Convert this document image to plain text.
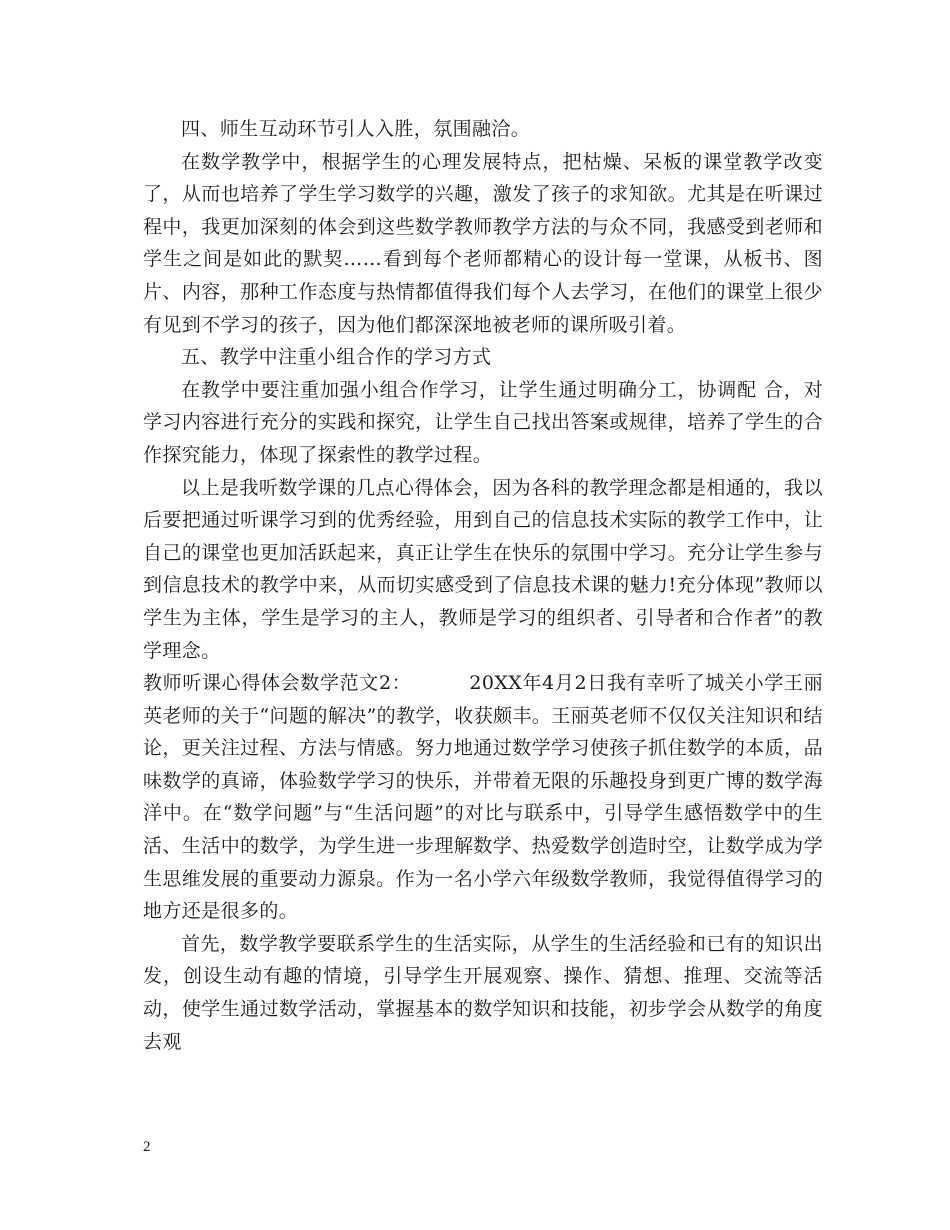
四、师生互动环节引人入胜，氛围融洽。

在数学教学中，根据学生的心理发展特点，把枯燥、呆板的课堂教学改变了，从而也培养了学生学习数学的兴趣，激发了孩子的求知欲。尤其是在听课过程中，我更加深刻的体会到这些数学教师教学方法的与众不同，我感受到老师和学生之间是如此的默契……看到每个老师都精心的设计每一堂课，从板书、图片、内容，那种工作态度与热情都值得我们每个人去学习，在他们的课堂上很少有见到不学习的孩子，因为他们都深深地被老师的课所吸引着。

五、教学中注重小组合作的学习方式

在教学中要注重加强小组合作学习，让学生通过明确分工，协调配 合，对学习内容进行充分的实践和探究，让学生自己找出答案或规律，培养了学生的合作探究能力，体现了探索性的教学过程。

以上是我听数学课的几点心得体会，因为各科的教学理念都是相通的，我以后要把通过听课学习到的优秀经验，用到自己的信息技术实际的教学工作中，让自己的课堂也更加活跃起来，真正让学生在快乐的氛围中学习。充分让学生参与到信息技术的教学中来，从而切实感受到了信息技术课的魅力!充分体现”教师以学生为主体，学生是学习的主人，教师是学习的组织者、引导者和合作者”的教学理念。

教师听课心得体会数学范文2：	20XX年4月2日我有幸听了城关小学王丽英老师的关于“问题的解决”的教学，收获颇丰。王丽英老师不仅仅关注知识和结论，更关注过程、方法与情感。努力地通过数学学习使孩子抓住数学的本质，品味数学的真谛，体验数学学习的快乐，并带着无限的乐趣投身到更广博的数学海洋中。在“数学问题”与“生活问题”的对比与联系中，引导学生感悟数学中的生活、生活中的数学，为学生进一步理解数学、热爱数学创造时空，让数学成为学生思维发展的重要动力源泉。作为一名小学六年级数学教师，我觉得值得学习的地方还是很多的。

首先，数学教学要联系学生的生活实际，从学生的生活经验和已有的知识出发，创设生动有趣的情境，引导学生开展观察、操作、猜想、推理、交流等活动，使学生通过数学活动，掌握基本的数学知识和技能，初步学会从数学的角度去观

2
